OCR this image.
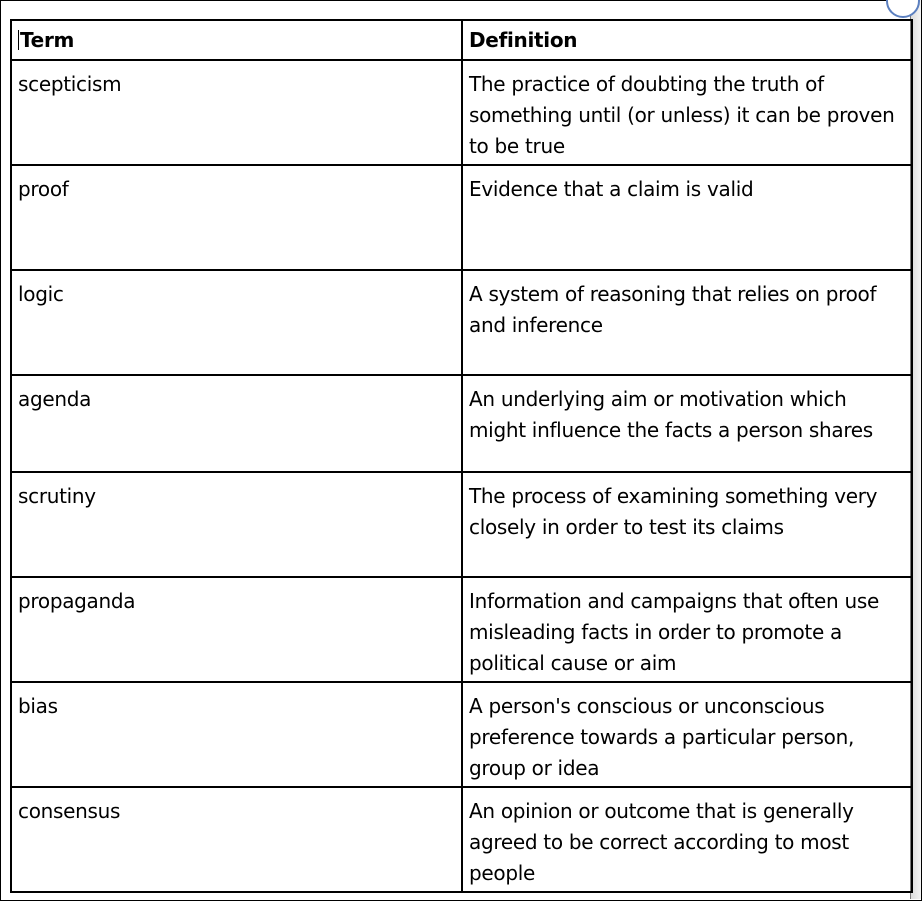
Term	Definition
scepticism	The practice of doubting the truth of something until (or unless) it can be proven to be true
proof	Evidence that a claim is valid
logic	A system of reasoning that relies on proof and inference
agenda	An underlying aim or motivation which might influence the facts a person shares
scrutiny	The process of examining something very closely in order to test its claims
propaganda	Information and campaigns that often use misleading facts in order to promote a political cause or aim
bias	A person's conscious or unconscious preference towards a particular person, group or idea
consensus	An opinion or outcome that is generally agreed to be correct according to most people
